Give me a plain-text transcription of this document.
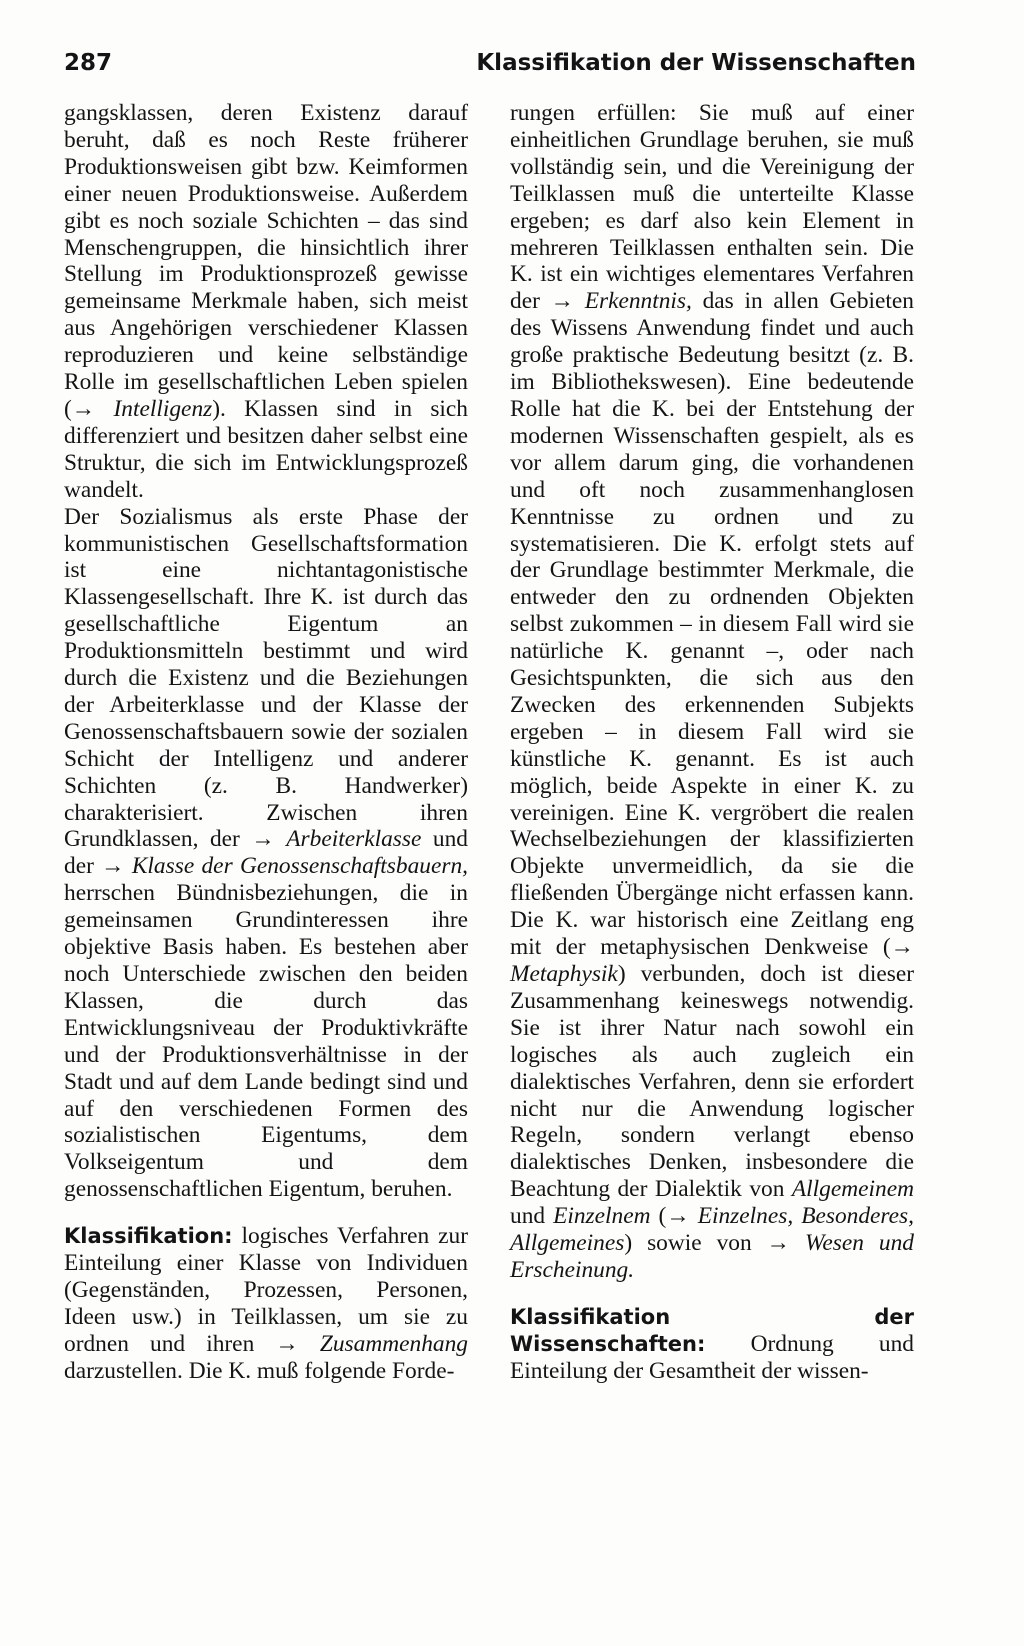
287	Klassifikation der Wissenschaften

gangsklassen, deren Existenz darauf beruht, daß es noch Reste früherer Produktionsweisen gibt bzw. Keimformen einer neuen Produktionsweise. Außerdem gibt es noch soziale Schichten – das sind Menschengruppen, die hinsichtlich ihrer Stellung im Produktionsprozeß gewisse gemeinsame Merkmale haben, sich meist aus Angehörigen verschiedener Klassen reproduzieren und keine selbständige Rolle im gesellschaftlichen Leben spielen (→ Intelligenz). Klassen sind in sich differenziert und besitzen daher selbst eine Struktur, die sich im Entwicklungsprozeß wandelt.

Der Sozialismus als erste Phase der kommunistischen Gesellschaftsformation ist eine nichtantagonistische Klassengesellschaft. Ihre K. ist durch das gesellschaftliche Eigentum an Produktionsmitteln bestimmt und wird durch die Existenz und die Beziehungen der Arbeiterklasse und der Klasse der Genossenschaftsbauern sowie der sozialen Schicht der Intelligenz und anderer Schichten (z. B. Handwerker) charakterisiert. Zwischen ihren Grundklassen, der → Arbeiterklasse und der → Klasse der Genossenschaftsbauern, herrschen Bündnisbeziehungen, die in gemeinsamen Grundinteressen ihre objektive Basis haben. Es bestehen aber noch Unterschiede zwischen den beiden Klassen, die durch das Entwicklungsniveau der Produktivkräfte und der Produktionsverhältnisse in der Stadt und auf dem Lande bedingt sind und auf den verschiedenen Formen des sozialistischen Eigentums, dem Volkseigentum und dem genossenschaftlichen Eigentum, beruhen.

Klassifikation: logisches Verfahren zur Einteilung einer Klasse von Individuen (Gegenständen, Prozessen, Personen, Ideen usw.) in Teilklassen, um sie zu ordnen und ihren → Zusammenhang darzustellen. Die K. muß folgende Forde-

rungen erfüllen: Sie muß auf einer einheitlichen Grundlage beruhen, sie muß vollständig sein, und die Vereinigung der Teilklassen muß die unterteilte Klasse ergeben; es darf also kein Element in mehreren Teilklassen enthalten sein. Die K. ist ein wichtiges elementares Verfahren der → Erkenntnis, das in allen Gebieten des Wissens Anwendung findet und auch große praktische Bedeutung besitzt (z. B. im Bibliothekswesen). Eine bedeutende Rolle hat die K. bei der Entstehung der modernen Wissenschaften gespielt, als es vor allem darum ging, die vorhandenen und oft noch zusammenhanglosen Kenntnisse zu ordnen und zu systematisieren. Die K. erfolgt stets auf der Grundlage bestimmter Merkmale, die entweder den zu ordnenden Objekten selbst zukommen – in diesem Fall wird sie natürliche K. genannt –, oder nach Gesichtspunkten, die sich aus den Zwecken des erkennenden Subjekts ergeben – in diesem Fall wird sie künstliche K. genannt. Es ist auch möglich, beide Aspekte in einer K. zu vereinigen. Eine K. vergröbert die realen Wechselbeziehungen der klassifizierten Objekte unvermeidlich, da sie die fließenden Übergänge nicht erfassen kann. Die K. war historisch eine Zeitlang eng mit der metaphysischen Denkweise (→ Metaphysik) verbunden, doch ist dieser Zusammenhang keineswegs notwendig. Sie ist ihrer Natur nach sowohl ein logisches als auch zugleich ein dialektisches Verfahren, denn sie erfordert nicht nur die Anwendung logischer Regeln, sondern verlangt ebenso dialektisches Denken, insbesondere die Beachtung der Dialektik von Allgemeinem und Einzelnem (→ Einzelnes, Besonderes, Allgemeines) sowie von → Wesen und Erscheinung.

Klassifikation der Wissenschaften: Ordnung und Einteilung der Gesamtheit der wissen-
